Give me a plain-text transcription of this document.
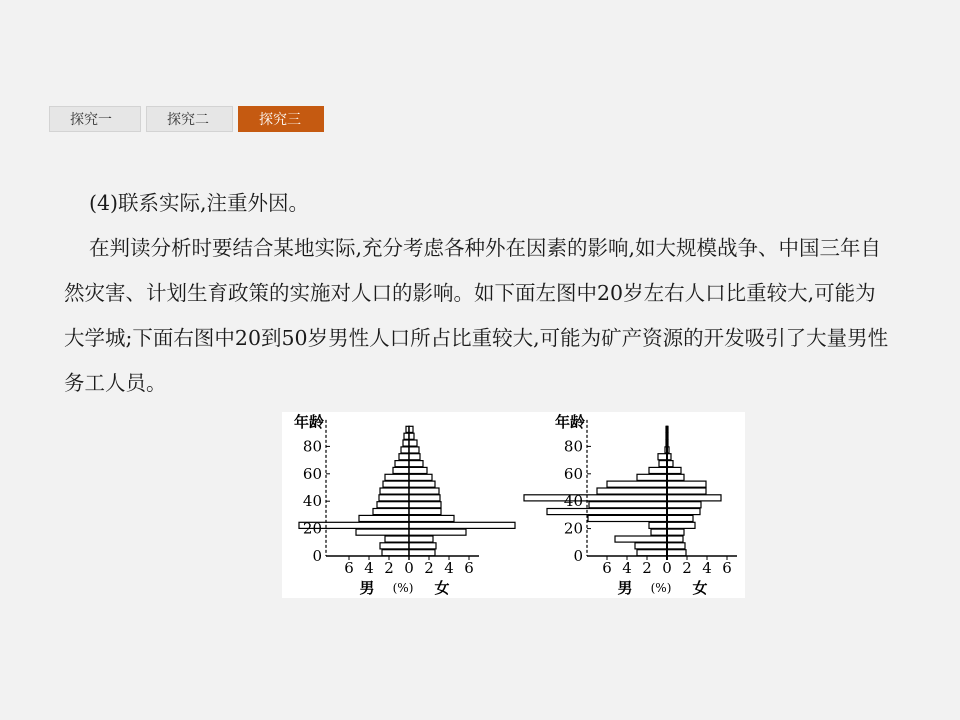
探究一	探究二	探究三

(4)联系实际,注重外因。

在判读分析时要结合某地实际,充分考虑各种外在因素的影响,如大规模战争、中国三年自然灾害、计划生育政策的实施对人口的影响。如下面左图中20岁左右人口比重较大,可能为大学城;下面右图中20到50岁男性人口所占比重较大,可能为矿产资源的开发吸引了大量男性务工人员。

0
20
40
60
80
6 4 2 0 2 4 6
年龄
男 (%) 女
0
20
40
60
80
6 4 2 0 2 4 6
年龄
男 (%) 女
